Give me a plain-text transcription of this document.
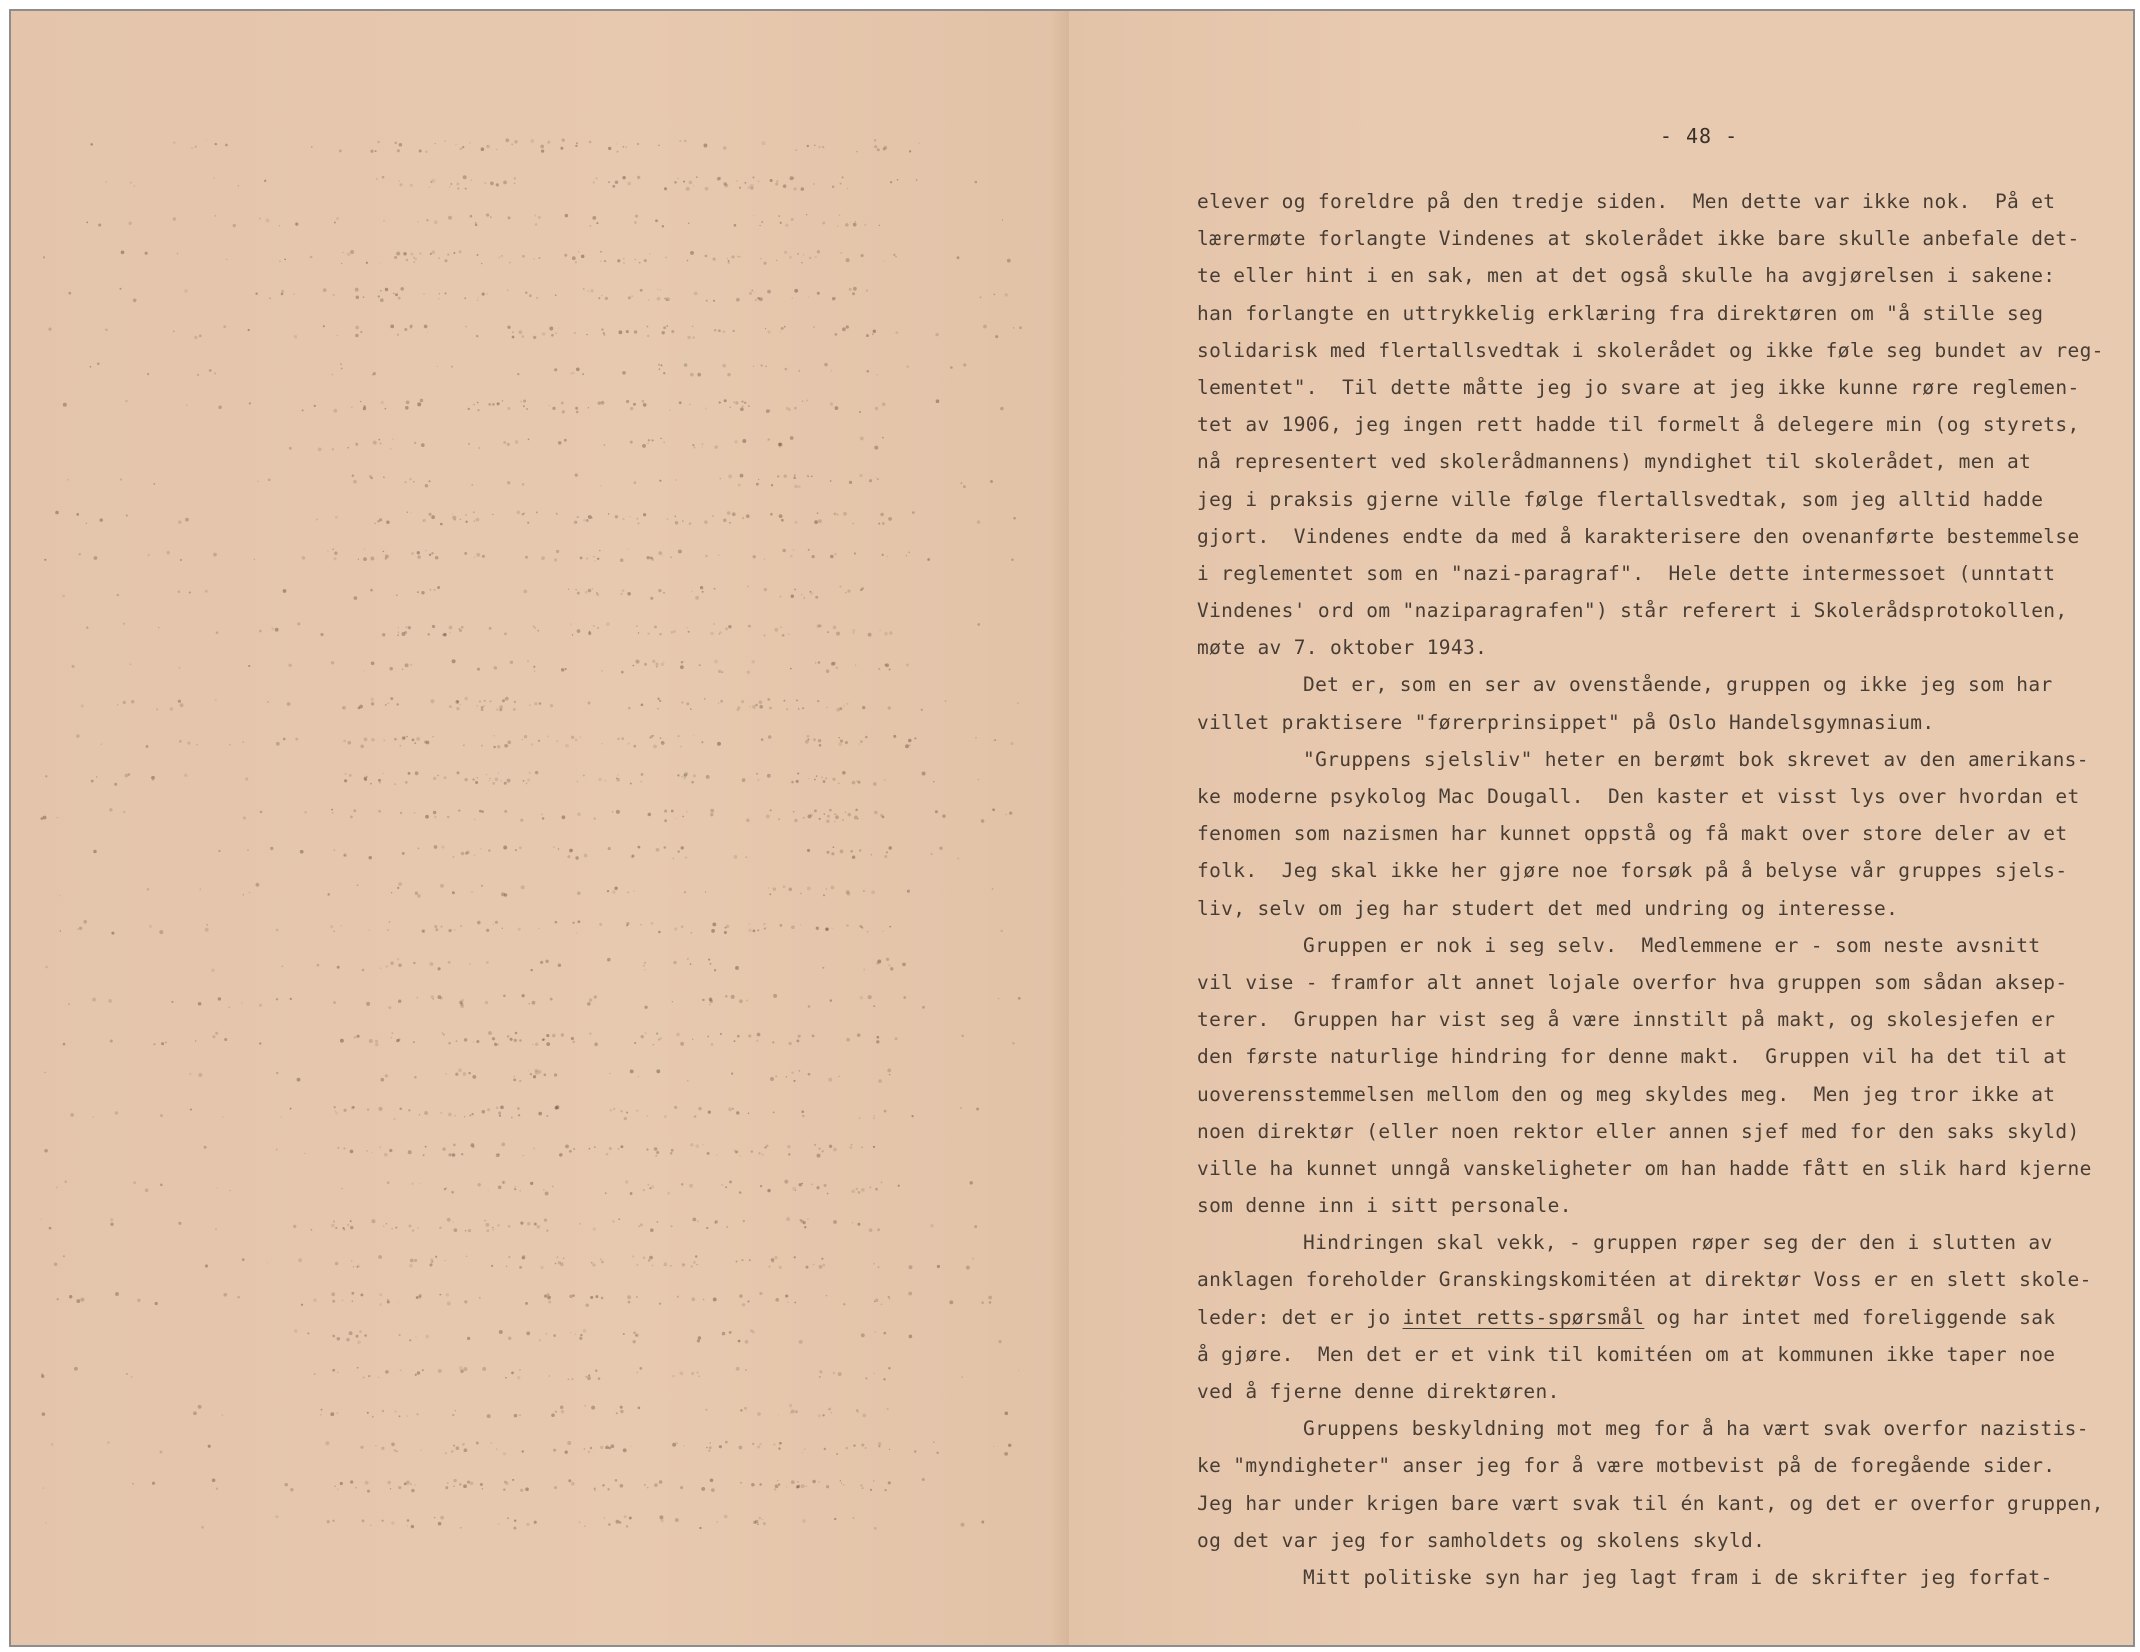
- 48 -
elever og foreldre på den tredje siden.  Men dette var ikke nok.  På et
lærermøte forlangte Vindenes at skolerådet ikke bare skulle anbefale det-
te eller hint i en sak, men at det også skulle ha avgjørelsen i sakene:
han forlangte en uttrykkelig erklæring fra direktøren om "å stille seg
solidarisk med flertallsvedtak i skolerådet og ikke føle seg bundet av reg-
lementet".  Til dette måtte jeg jo svare at jeg ikke kunne røre reglemen-
tet av 1906, jeg ingen rett hadde til formelt å delegere min (og styrets,
nå representert ved skolerådmannens) myndighet til skolerådet, men at
jeg i praksis gjerne ville følge flertallsvedtak, som jeg alltid hadde
gjort.  Vindenes endte da med å karakterisere den ovenanførte bestemmelse
i reglementet som en "nazi-paragraf".  Hele dette intermessoet (unntatt
Vindenes' ord om "naziparagrafen") står referert i Skolerådsprotokollen,
møte av 7. oktober 1943.
Det er, som en ser av ovenstående, gruppen og ikke jeg som har
villet praktisere "førerprinsippet" på Oslo Handelsgymnasium.
"Gruppens sjelsliv" heter en berømt bok skrevet av den amerikans-
ke moderne psykolog Mac Dougall.  Den kaster et visst lys over hvordan et
fenomen som nazismen har kunnet oppstå og få makt over store deler av et
folk.  Jeg skal ikke her gjøre noe forsøk på å belyse vår gruppes sjels-
liv, selv om jeg har studert det med undring og interesse.
Gruppen er nok i seg selv.  Medlemmene er - som neste avsnitt
vil vise - framfor alt annet lojale overfor hva gruppen som sådan aksep-
terer.  Gruppen har vist seg å være innstilt på makt, og skolesjefen er
den første naturlige hindring for denne makt.  Gruppen vil ha det til at
uoverensstemmelsen mellom den og meg skyldes meg.  Men jeg tror ikke at
noen direktør (eller noen rektor eller annen sjef med for den saks skyld)
ville ha kunnet unngå vanskeligheter om han hadde fått en slik hard kjerne
som denne inn i sitt personale.
Hindringen skal vekk, - gruppen røper seg der den i slutten av
anklagen foreholder Granskingskomitéen at direktør Voss er en slett skole-
leder: det er jo intet retts-spørsmål og har intet med foreliggende sak
å gjøre.  Men det er et vink til komitéen om at kommunen ikke taper noe
ved å fjerne denne direktøren.
Gruppens beskyldning mot meg for å ha vært svak overfor nazistis-
ke "myndigheter" anser jeg for å være motbevist på de foregående sider.
Jeg har under krigen bare vært svak til én kant, og det er overfor gruppen,
og det var jeg for samholdets og skolens skyld.
Mitt politiske syn har jeg lagt fram i de skrifter jeg forfat-
